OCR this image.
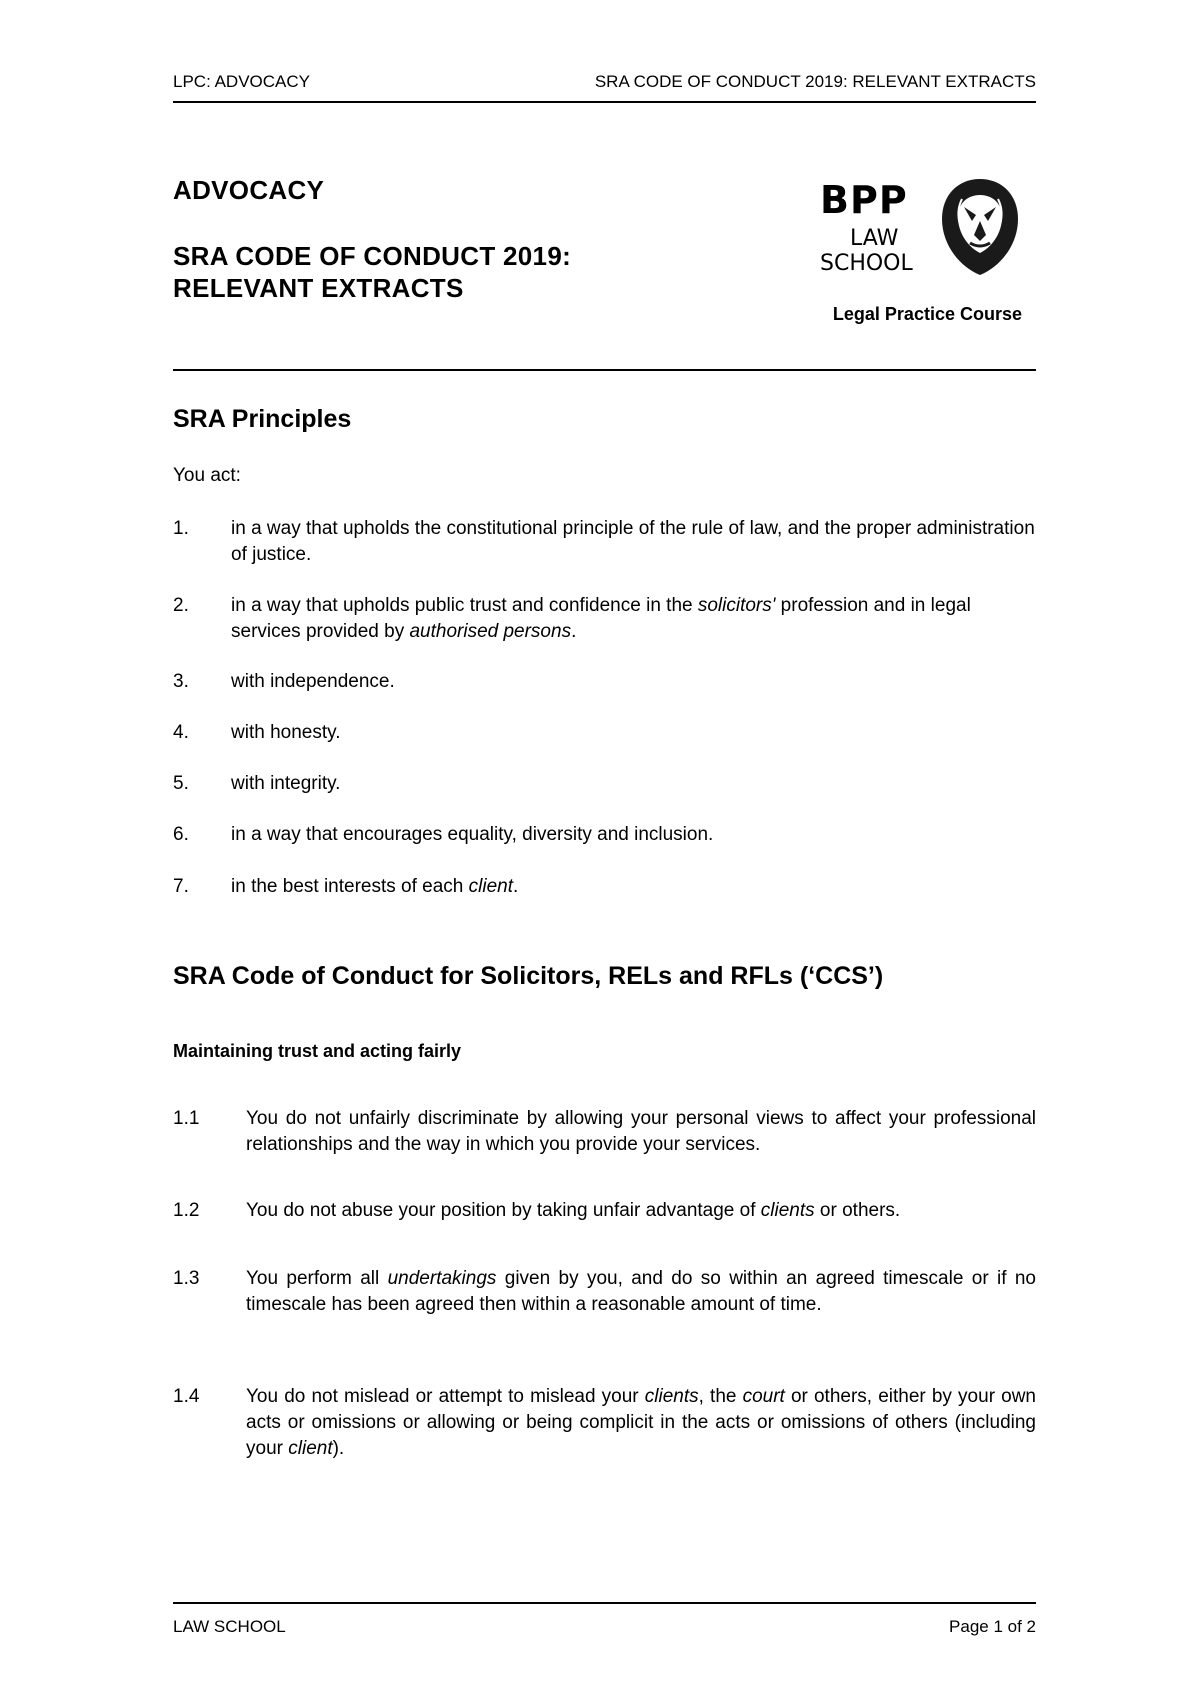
LPC: ADVOCACY	SRA CODE OF CONDUCT 2019: RELEVANT EXTRACTS
ADVOCACY
SRA CODE OF CONDUCT 2019:
RELEVANT EXTRACTS
BPP
LAW
SCHOOL
Legal Practice Course
SRA Principles
You act:
1. in a way that upholds the constitutional principle of the rule of law, and the proper administration of justice.
2. in a way that upholds public trust and confidence in the solicitors' profession and in legal services provided by authorised persons.
3. with independence.
4. with honesty.
5. with integrity.
6. in a way that encourages equality, diversity and inclusion.
7. in the best interests of each client.
SRA Code of Conduct for Solicitors, RELs and RFLs (‘CCS’)
Maintaining trust and acting fairly
1.1 You do not unfairly discriminate by allowing your personal views to affect your professional relationships and the way in which you provide your services.
1.2 You do not abuse your position by taking unfair advantage of clients or others.
1.3 You perform all undertakings given by you, and do so within an agreed timescale or if no timescale has been agreed then within a reasonable amount of time.
1.4 You do not mislead or attempt to mislead your clients, the court or others, either by your own acts or omissions or allowing or being complicit in the acts or omissions of others (including your client).
LAW SCHOOL	Page 1 of 2
